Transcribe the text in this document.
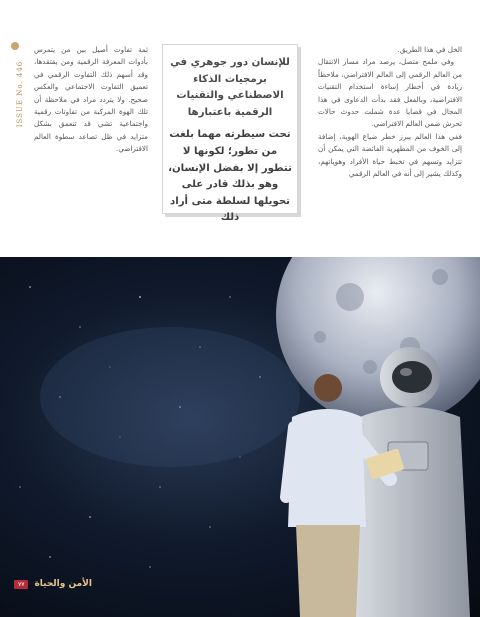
ISSUE No. 446

الخل في هذا الطريق.

وفي ملمح متصل، يرصد مراد مسار الانتقال من العالم الرقمي إلى العالم الافتراضي، ملاحظاً زيادة في أخطار إساءة استخدام التقنيات الافتراضية، وبالفعل فقد بدأت الدعاوى في هذا المجال في قضايا عدة شملت حدوث حالات تحرش ضمن العالم الافتراضي.

ففي هذا العالم يبرز خطر ضياع الهوية، إضافة إلى الخوف من المطهرية الفائضة التي يمكن أن تتزايد وتسهم في تخبط حياة الأفراد وهوياتهم، وكذلك يشير إلى أنه في العالم الرقمي

للإنسان دور جوهري في برمجيات الذكاء الاصطناعي والتقنيات الرقمية باعتبارها

تحت سيطرته مهما بلغت من تطور؛ لكونها لا تتطور إلا بفضل الإنسان، وهو بذلك قادر على تحويلها لسلطة متى أراد ذلك

ثمة تفاوت أصيل بين من يتمرس بأدوات المعرفة الرقمية ومن يفتقدها، وقد أسهم ذلك التفاوت الرقمي في تعميق التفاوت الاجتماعي والعكس صحيح. ولا يتردد مراد في ملاحظة أن تلك الهوة المركبة من تفاوتات رقمية واجتماعية تشي قد تتعمق بشكل متزايد في ظل تصاعد سطوة العالم الافتراضي.

٧٧	الأمن والحياة
